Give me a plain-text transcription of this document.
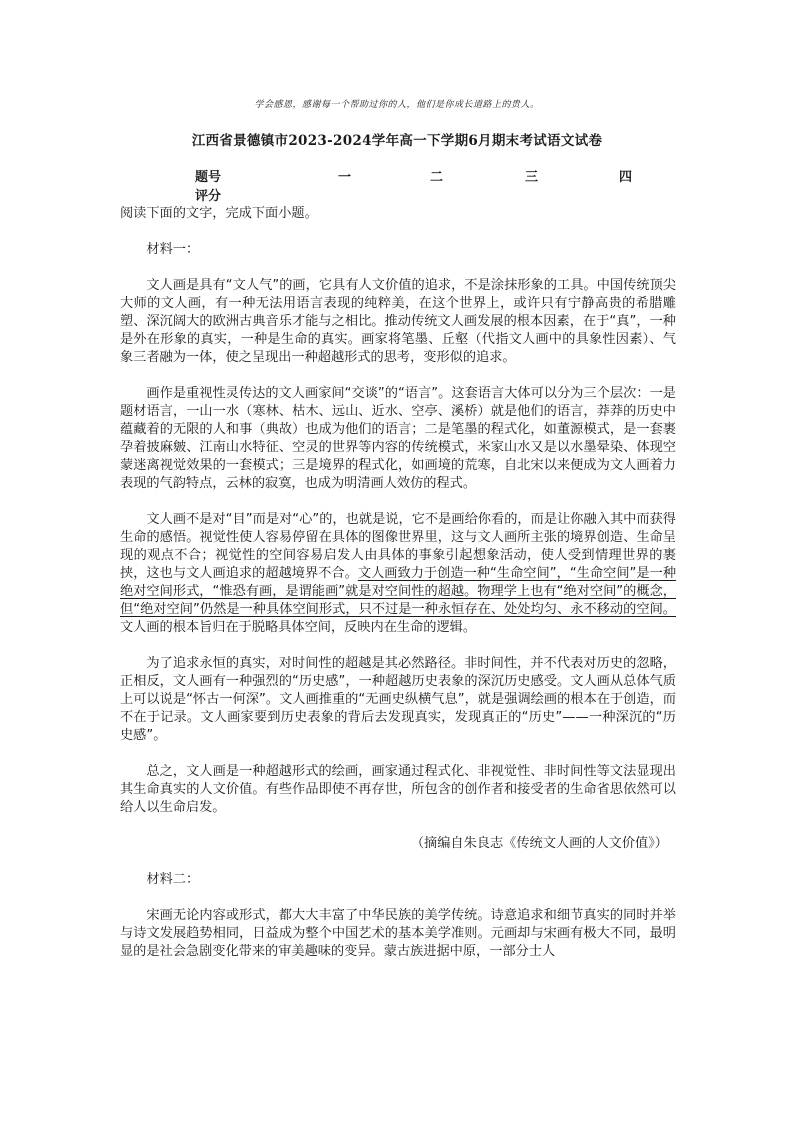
学会感恩，感谢每一个帮助过你的人，他们是你成长道路上的贵人。
江西省景德镇市2023-2024学年高一下学期6月期末考试语文试卷
题号	一	二	三	四
评分

阅读下面的文字，完成下面小题。

材料一：

文人画是具有“文人气”的画，它具有人文价值的追求，不是涂抹形象的工具。中国传统顶尖大师的文人画，有一种无法用语言表现的纯粹美，在这个世界上，或许只有宁静高贵的希腊雕塑、深沉阔大的欧洲古典音乐才能与之相比。推动传统文人画发展的根本因素，在于“真”，一种是外在形象的真实，一种是生命的真实。画家将笔墨、丘壑（代指文人画中的具象性因素）、气象三者融为一体，使之呈现出一种超越形式的思考，变形似的追求。

画作是重视性灵传达的文人画家间“交谈”的“语言”。这套语言大体可以分为三个层次：一是题材语言，一山一水（寒林、枯木、远山、近水、空亭、溪桥）就是他们的语言，莽莽的历史中蕴藏着的无限的人和事（典故）也成为他们的语言；二是笔墨的程式化，如董源模式，是一套裹孕着披麻皴、江南山水特征、空灵的世界等内容的传统模式，米家山水又是以水墨晕染、体现空蒙迷离视觉效果的一套模式；三是境界的程式化，如画境的荒寒，自北宋以来便成为文人画着力表现的气韵特点，云林的寂寞，也成为明清画人效仿的程式。

文人画不是对“目”而是对“心”的，也就是说，它不是画给你看的，而是让你融入其中而获得生命的感悟。视觉性使人容易停留在具体的图像世界里，这与文人画所主张的境界创造、生命呈现的观点不合；视觉性的空间容易启发人由具体的事象引起想象活动，使人受到情理世界的裹挟，这也与文人画追求的超越境界不合。文人画致力于创造一种“生命空间”，“生命空间”是一种绝对空间形式，“惟恐有画，是谓能画”就是对空间性的超越。物理学上也有“绝对空间”的概念，但“绝对空间”仍然是一种具体空间形式，只不过是一种永恒存在、处处均匀、永不移动的空间。文人画的根本旨归在于脱略具体空间，反映内在生命的逻辑。

为了追求永恒的真实，对时间性的超越是其必然路径。非时间性，并不代表对历史的忽略，正相反，文人画有一种强烈的“历史感”，一种超越历史表象的深沉历史感受。文人画从总体气质上可以说是“怀古一何深”。文人画推重的“无画史纵横气息”，就是强调绘画的根本在于创造，而不在于记录。文人画家要到历史表象的背后去发现真实，发现真正的“历史”——一种深沉的“历史感”。

总之，文人画是一种超越形式的绘画，画家通过程式化、非视觉性、非时间性等文法显现出其生命真实的人文价值。有些作品即使不再存世，所包含的创作者和接受者的生命省思依然可以给人以生命启发。

（摘编自朱良志《传统文人画的人文价值》）

材料二：

宋画无论内容或形式，都大大丰富了中华民族的美学传统。诗意追求和细节真实的同时并举与诗文发展趋势相同，日益成为整个中国艺术的基本美学准则。元画却与宋画有极大不同，最明显的是社会急剧变化带来的审美趣味的变异。蒙古族进据中原，一部分士人
